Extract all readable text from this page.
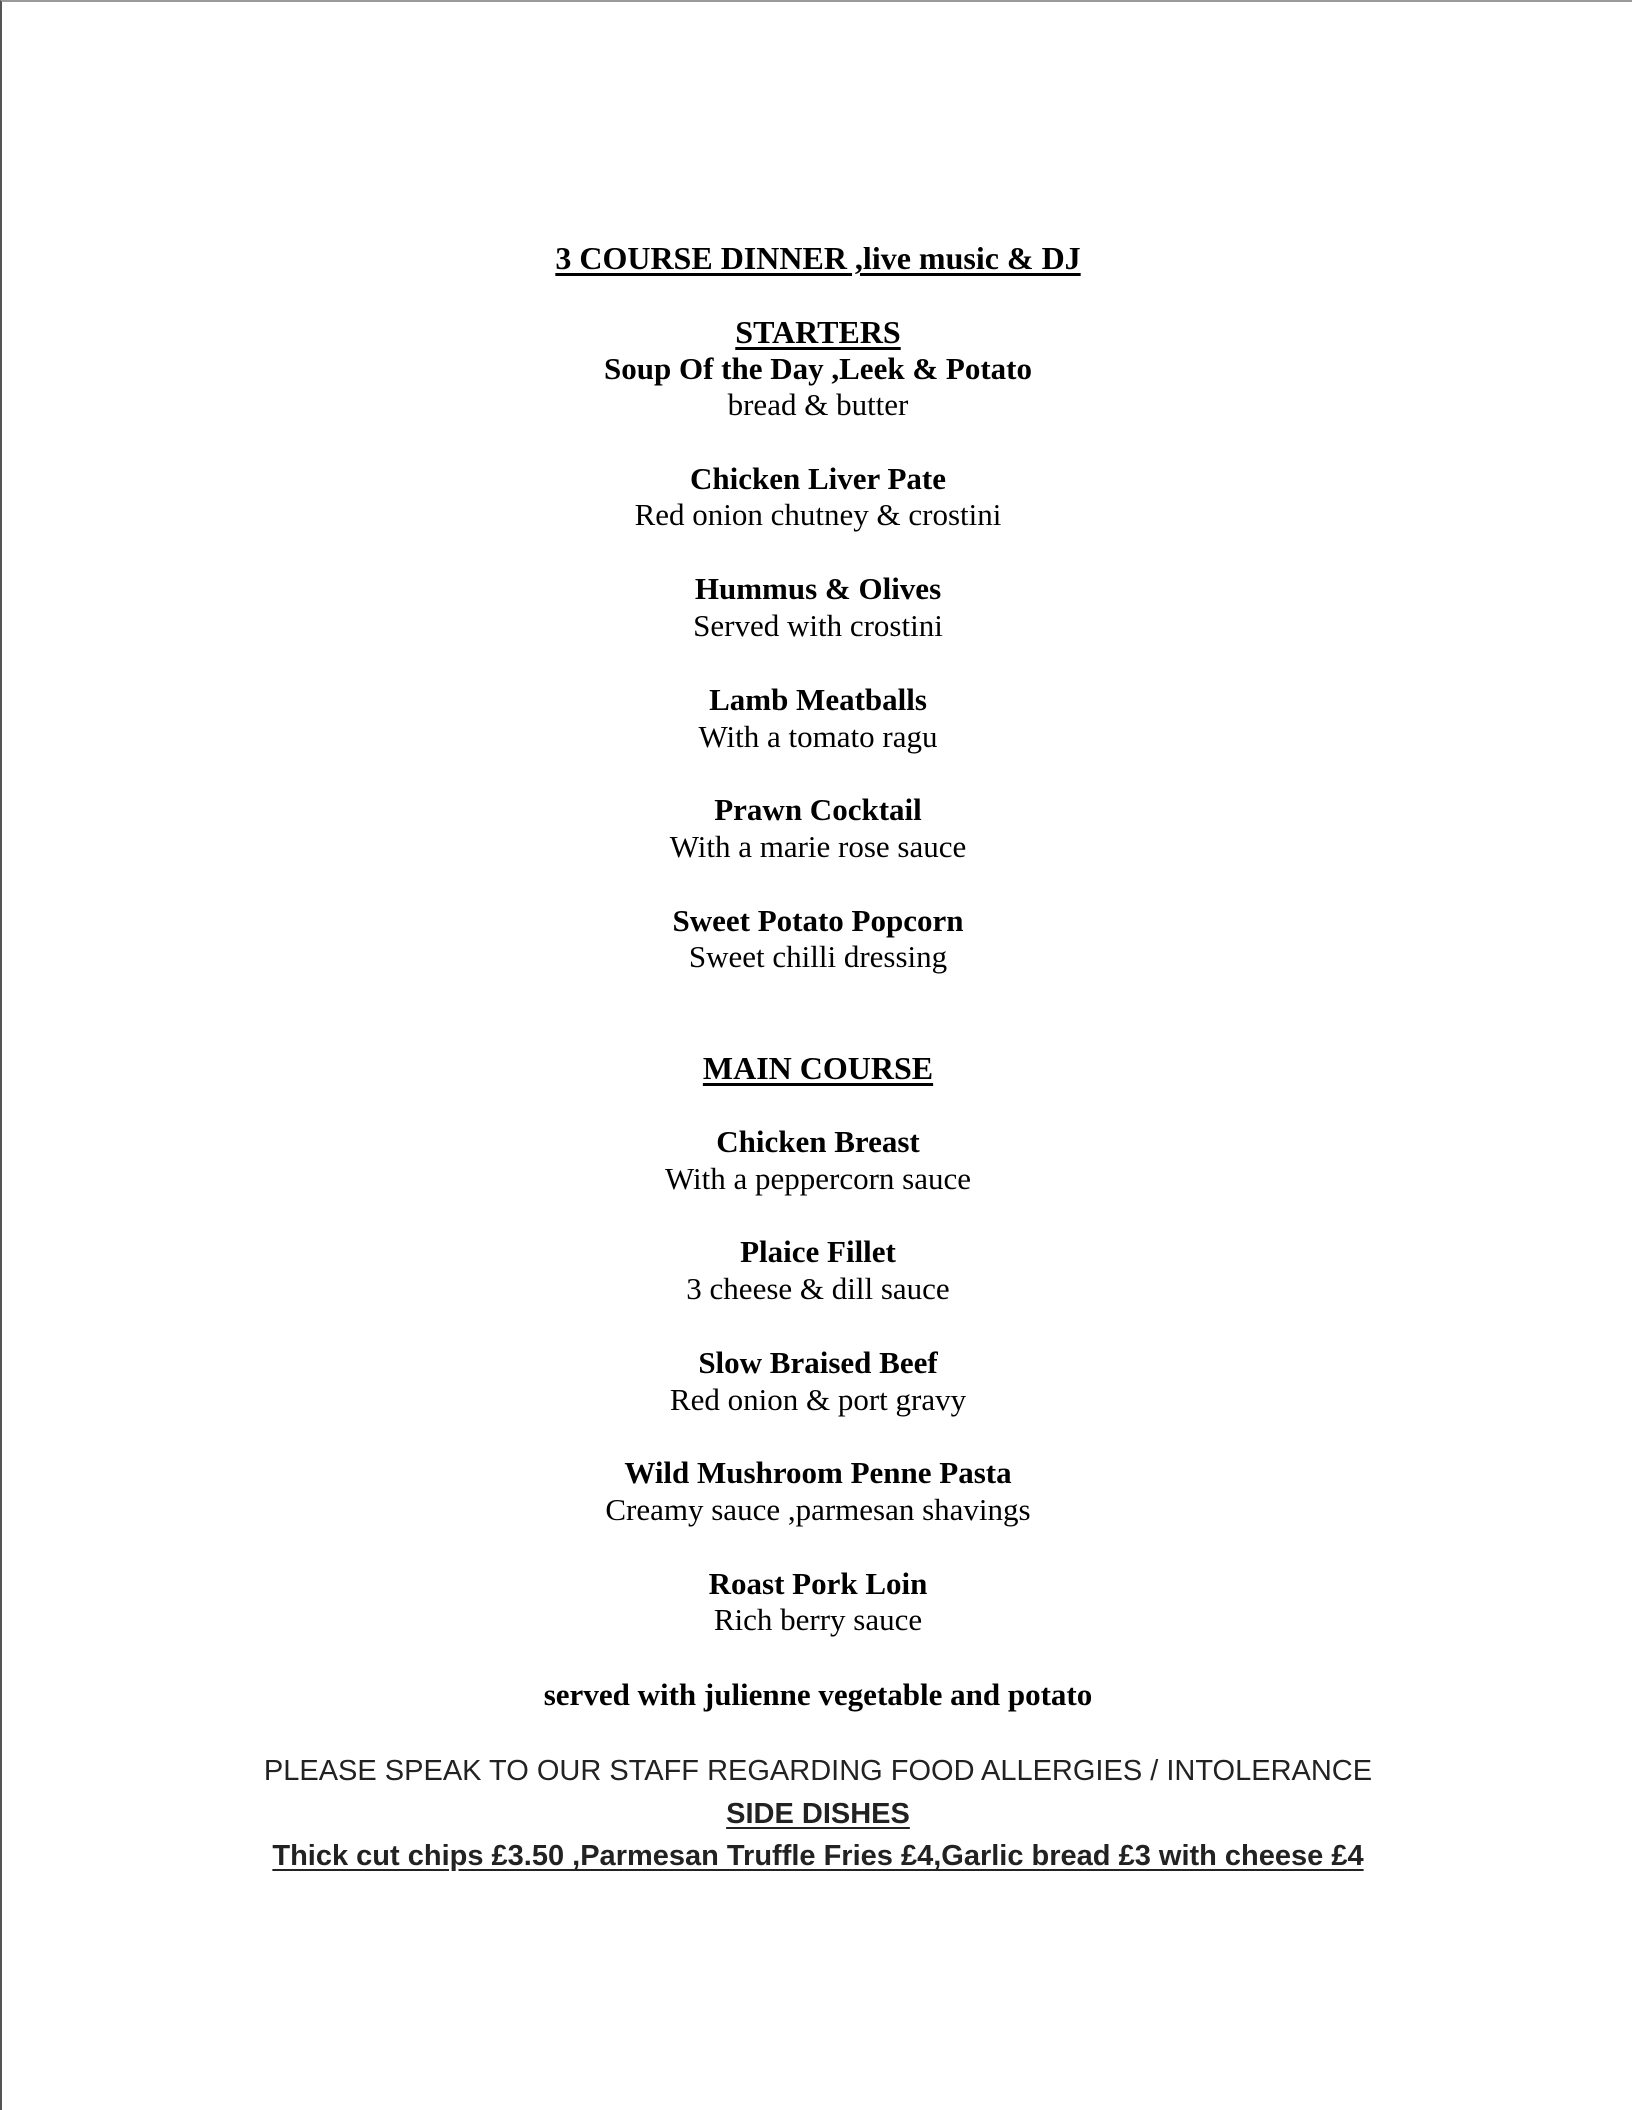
3 COURSE DINNER ,live music & DJ
STARTERS
Soup Of the Day ,Leek & Potato
bread & butter
Chicken Liver Pate
Red onion chutney & crostini
Hummus & Olives
Served with crostini
Lamb Meatballs
With a tomato ragu
Prawn Cocktail
With a marie rose sauce
Sweet Potato Popcorn
Sweet chilli dressing
MAIN COURSE
Chicken Breast
With a peppercorn sauce
Plaice Fillet
3 cheese & dill sauce
Slow Braised Beef
Red onion & port gravy
Wild Mushroom Penne Pasta
Creamy sauce ,parmesan shavings
Roast Pork Loin
Rich berry sauce
served with julienne vegetable and potato
PLEASE SPEAK TO OUR STAFF REGARDING FOOD ALLERGIES / INTOLERANCE
SIDE DISHES
Thick cut chips £3.50 ,Parmesan Truffle Fries £4,Garlic bread £3 with cheese £4
